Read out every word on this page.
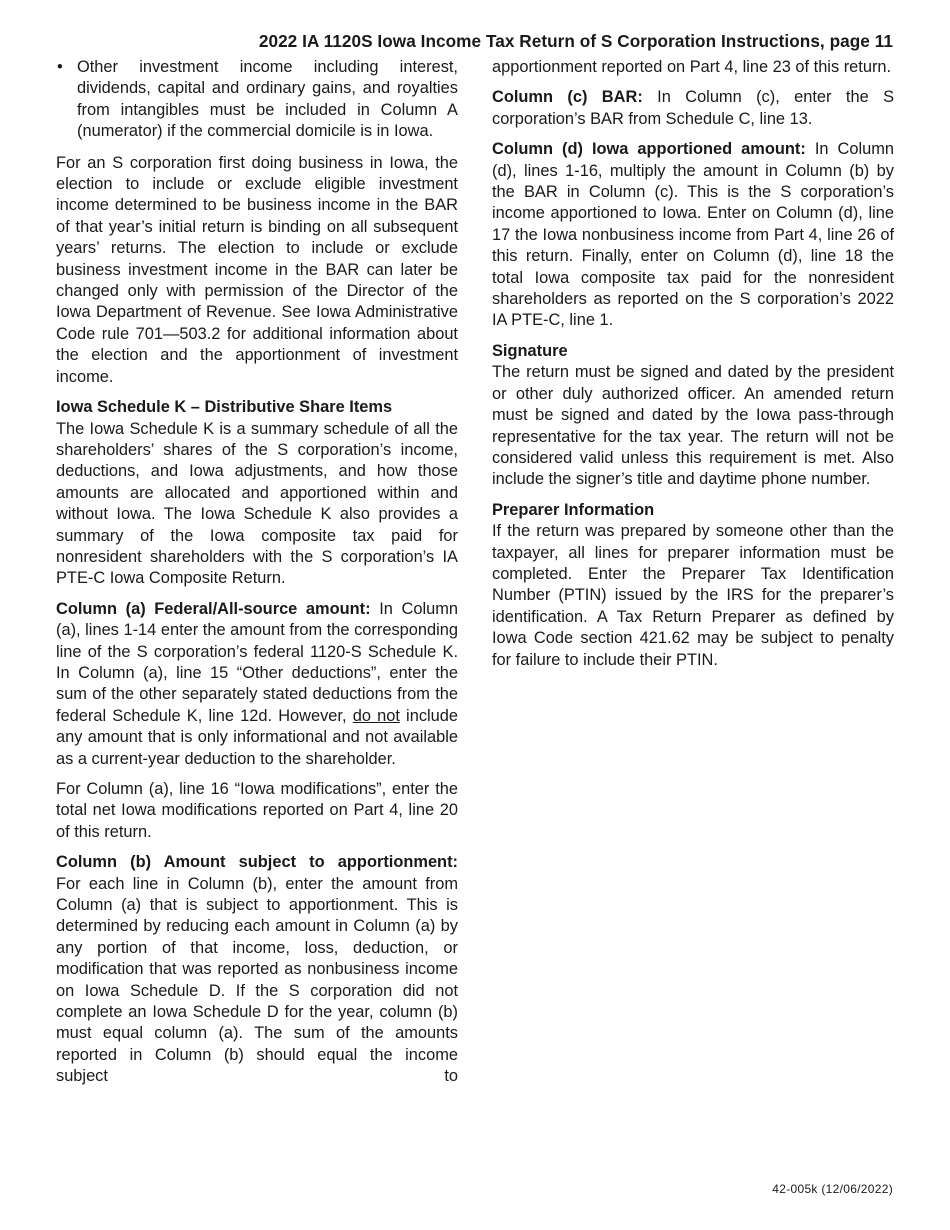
2022 IA 1120S Iowa Income Tax Return of S Corporation Instructions, page 11
• Other investment income including interest, dividends, capital and ordinary gains, and royalties from intangibles must be included in Column A (numerator) if the commercial domicile is in Iowa.

For an S corporation first doing business in Iowa, the election to include or exclude eligible investment income determined to be business income in the BAR of that year’s initial return is binding on all subsequent years’ returns. The election to include or exclude business investment income in the BAR can later be changed only with permission of the Director of the Iowa Department of Revenue. See Iowa Administrative Code rule 701—503.2 for additional information about the election and the apportionment of investment income.

Iowa Schedule K – Distributive Share Items
The Iowa Schedule K is a summary schedule of all the shareholders’ shares of the S corporation’s income, deductions, and Iowa adjustments, and how those amounts are allocated and apportioned within and without Iowa. The Iowa Schedule K also provides a summary of the Iowa composite tax paid for nonresident shareholders with the S corporation’s IA PTE-C Iowa Composite Return.

Column (a) Federal/All-source amount: In Column (a), lines 1-14 enter the amount from the corresponding line of the S corporation’s federal 1120-S Schedule K. In Column (a), line 15 “Other deductions”, enter the sum of the other separately stated deductions from the federal Schedule K, line 12d. However, do not include any amount that is only informational and not available as a current-year deduction to the shareholder.

For Column (a), line 16 “Iowa modifications”, enter the total net Iowa modifications reported on Part 4, line 20 of this return.

Column (b) Amount subject to apportionment:
For each line in Column (b), enter the amount from Column (a) that is subject to apportionment. This is determined by reducing each amount in Column (a) by any portion of that income, loss, deduction, or modification that was reported as nonbusiness income on Iowa Schedule D. If the S corporation did not complete an Iowa Schedule D for the year, column (b) must equal column (a). The sum of the amounts reported in Column (b) should equal the income subject to

apportionment reported on Part 4, line 23 of this return.

Column (c) BAR: In Column (c), enter the S corporation’s BAR from Schedule C, line 13.

Column (d) Iowa apportioned amount: In Column (d), lines 1-16, multiply the amount in Column (b) by the BAR in Column (c). This is the S corporation’s income apportioned to Iowa. Enter on Column (d), line 17 the Iowa nonbusiness income from Part 4, line 26 of this return. Finally, enter on Column (d), line 18 the total Iowa composite tax paid for the nonresident shareholders as reported on the S corporation’s 2022 IA PTE-C, line 1.

Signature
The return must be signed and dated by the president or other duly authorized officer. An amended return must be signed and dated by the Iowa pass-through representative for the tax year. The return will not be considered valid unless this requirement is met. Also include the signer’s title and daytime phone number.

Preparer Information
If the return was prepared by someone other than the taxpayer, all lines for preparer information must be completed. Enter the Preparer Tax Identification Number (PTIN) issued by the IRS for the preparer’s identification. A Tax Return Preparer as defined by Iowa Code section 421.62 may be subject to penalty for failure to include their PTIN.

42-005k (12/06/2022)
